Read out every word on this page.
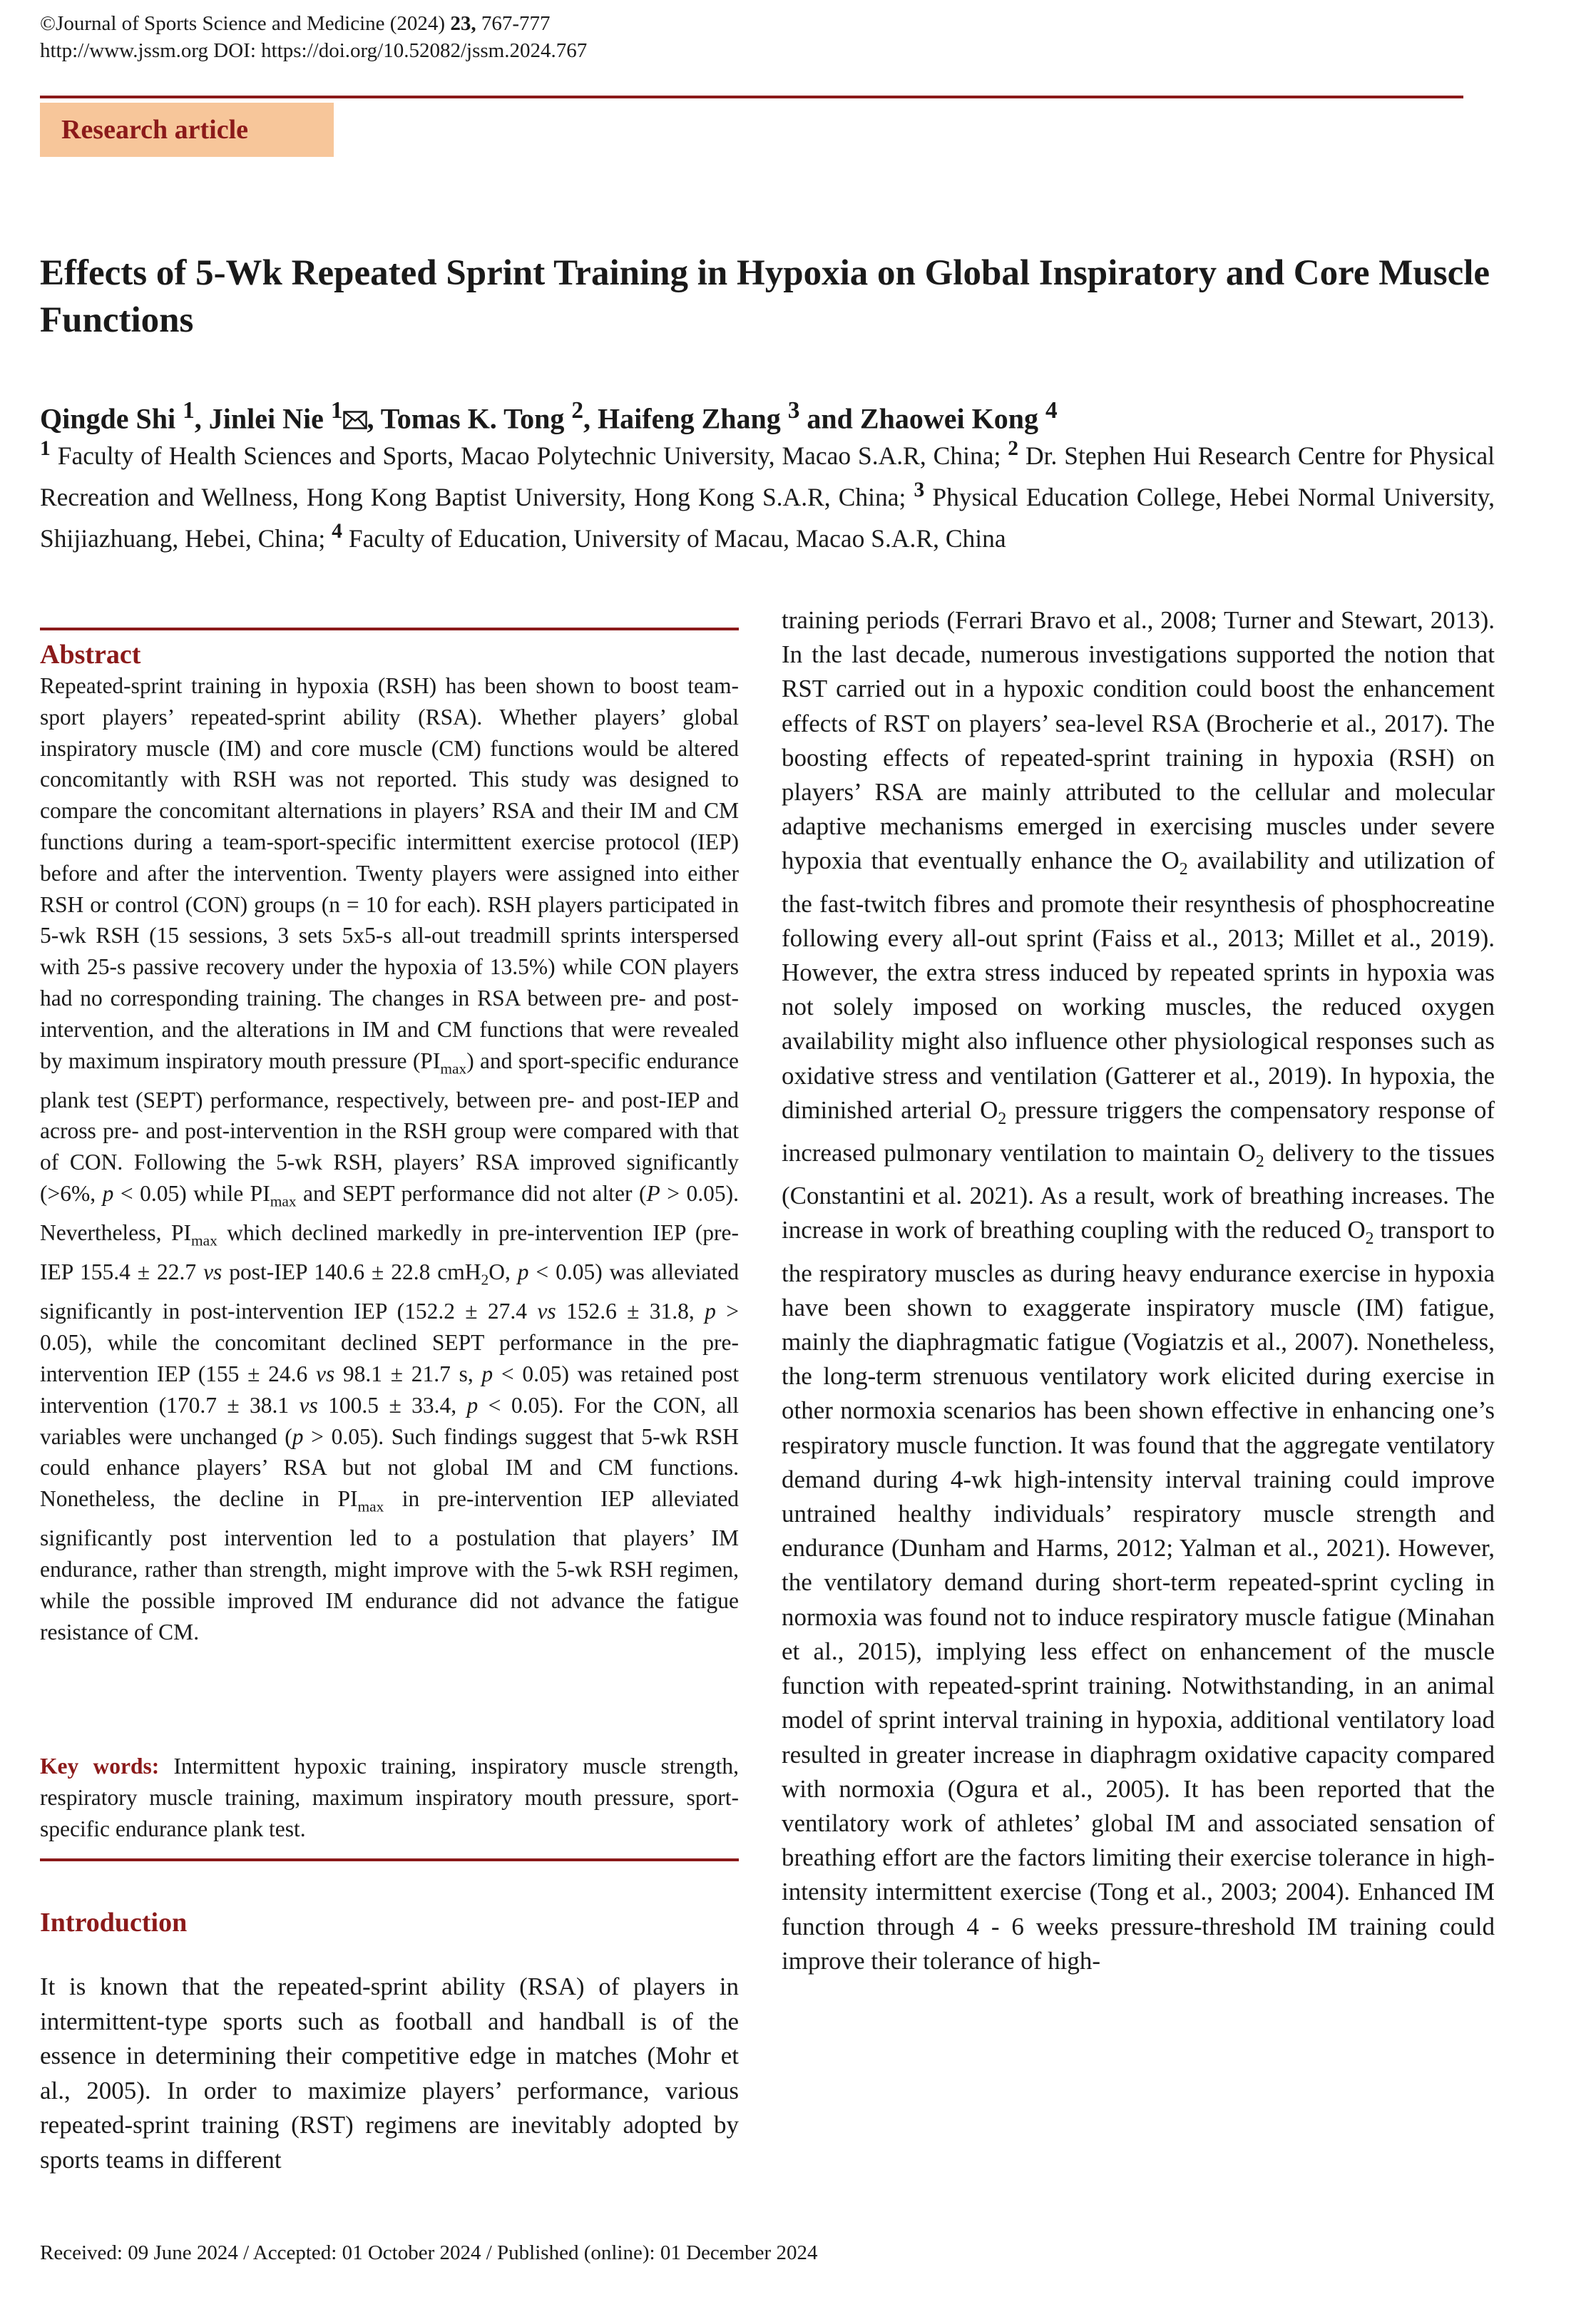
©Journal of Sports Science and Medicine (2024) 23, 767-777
http://www.jssm.org DOI: https://doi.org/10.52082/jssm.2024.767
Research article
Effects of 5-Wk Repeated Sprint Training in Hypoxia on Global Inspiratory and Core Muscle Functions
Qingde Shi $^1$, Jinlei Nie $^1$ , Tomas K. Tong $^2$, Haifeng Zhang $^3$ and Zhaowei Kong $^4$
$^1$ Faculty of Health Sciences and Sports, Macao Polytechnic University, Macao S.A.R, China; $^2$ Dr. Stephen Hui Research Centre for Physical Recreation and Wellness, Hong Kong Baptist University, Hong Kong S.A.R, China; $^3$ Physical Education College, Hebei Normal University, Shijiazhuang, Hebei, China; $^4$ Faculty of Education, University of Macau, Macao S.A.R, China
Abstract
Repeated-sprint training in hypoxia (RSH) has been shown to boost team-sport players’ repeated-sprint ability (RSA). Whether players’ global inspiratory muscle (IM) and core muscle (CM) functions would be altered concomitantly with RSH was not reported. This study was designed to compare the concomitant alternations in players’ RSA and their IM and CM functions during a team-sport-specific intermittent exercise protocol (IEP) before and after the intervention. Twenty players were assigned into either RSH or control (CON) groups (n = 10 for each). RSH players participated in 5-wk RSH (15 sessions, 3 sets 5x5-s all-out treadmill sprints interspersed with 25-s passive recovery under the hypoxia of 13.5%) while CON players had no corresponding training. The changes in RSA between pre- and post-intervention, and the alterations in IM and CM functions that were revealed by maximum inspiratory mouth pressure $(PI_{max})$ and sport-specific endurance plank test (SEPT) performance, respectively, between pre- and post-IEP and across pre- and post-intervention in the RSH group were compared with that of CON. Following the 5-wk RSH, players’ RSA improved significantly (>6%, p < 0.05) while $PI_{max}$ and SEPT performance did not alter (P > 0.05). Nevertheless, $PI_{max}$ which declined markedly in pre-intervention IEP (pre-IEP 155.4 ± 22.7 vs post-IEP 140.6 ± 22.8 cmH$_2$O, p < 0.05) was alleviated significantly in post-intervention IEP (152.2 ± 27.4 vs 152.6 ± 31.8, p > 0.05), while the concomitant declined SEPT performance in the pre-intervention IEP (155 ± 24.6 vs 98.1 ± 21.7 s, p < 0.05) was retained post intervention (170.7 ± 38.1 vs 100.5 ± 33.4, p < 0.05). For the CON, all variables were unchanged (p > 0.05). Such findings suggest that 5-wk RSH could enhance players’ RSA but not global IM and CM functions. Nonetheless, the decline in $PI_{max}$ in pre-intervention IEP alleviated significantly post intervention led to a postulation that players’ IM endurance, rather than strength, might improve with the 5-wk RSH regimen, while the possible improved IM endurance did not advance the fatigue resistance of CM.
Key words: Intermittent hypoxic training, inspiratory muscle strength, respiratory muscle training, maximum inspiratory mouth pressure, sport-specific endurance plank test.
Introduction
It is known that the repeated-sprint ability (RSA) of players in intermittent-type sports such as football and handball is of the essence in determining their competitive edge in matches (Mohr et al., 2005). In order to maximize players’ performance, various repeated-sprint training (RST) regimens are inevitably adopted by sports teams in different
training periods (Ferrari Bravo et al., 2008; Turner and Stewart, 2013). In the last decade, numerous investigations supported the notion that RST carried out in a hypoxic condition could boost the enhancement effects of RST on players’ sea-level RSA (Brocherie et al., 2017). The boosting effects of repeated-sprint training in hypoxia (RSH) on players’ RSA are mainly attributed to the cellular and molecular adaptive mechanisms emerged in exercising muscles under severe hypoxia that eventually enhance the $O_2$ availability and utilization of the fast-twitch fibres and promote their resynthesis of phosphocreatine following every all-out sprint (Faiss et al., 2013; Millet et al., 2019). However, the extra stress induced by repeated sprints in hypoxia was not solely imposed on working muscles, the reduced oxygen availability might also influence other physiological responses such as oxidative stress and ventilation (Gatterer et al., 2019). In hypoxia, the diminished arterial $O_2$ pressure triggers the compensatory response of increased pulmonary ventilation to maintain $O_2$ delivery to the tissues (Constantini et al. 2021). As a result, work of breathing increases. The increase in work of breathing coupling with the reduced $O_2$ transport to the respiratory muscles as during heavy endurance exercise in hypoxia have been shown to exaggerate inspiratory muscle (IM) fatigue, mainly the diaphragmatic fatigue (Vogiatzis et al., 2007). Nonetheless, the long-term strenuous ventilatory work elicited during exercise in other normoxia scenarios has been shown effective in enhancing one’s respiratory muscle function. It was found that the aggregate ventilatory demand during 4-wk high-intensity interval training could improve untrained healthy individuals’ respiratory muscle strength and endurance (Dunham and Harms, 2012; Yalman et al., 2021). However, the ventilatory demand during short-term repeated-sprint cycling in normoxia was found not to induce respiratory muscle fatigue (Minahan et al., 2015), implying less effect on enhancement of the muscle function with repeated-sprint training. Notwithstanding, in an animal model of sprint interval training in hypoxia, additional ventilatory load resulted in greater increase in diaphragm oxidative capacity compared with normoxia (Ogura et al., 2005). It has been reported that the ventilatory work of athletes’ global IM and associated sensation of breathing effort are the factors limiting their exercise tolerance in high-intensity intermittent exercise (Tong et al., 2003; 2004). Enhanced IM function through 4 - 6 weeks pressure-threshold IM training could improve their tolerance of high-
Received: 09 June 2024 / Accepted: 01 October 2024 / Published (online): 01 December 2024
